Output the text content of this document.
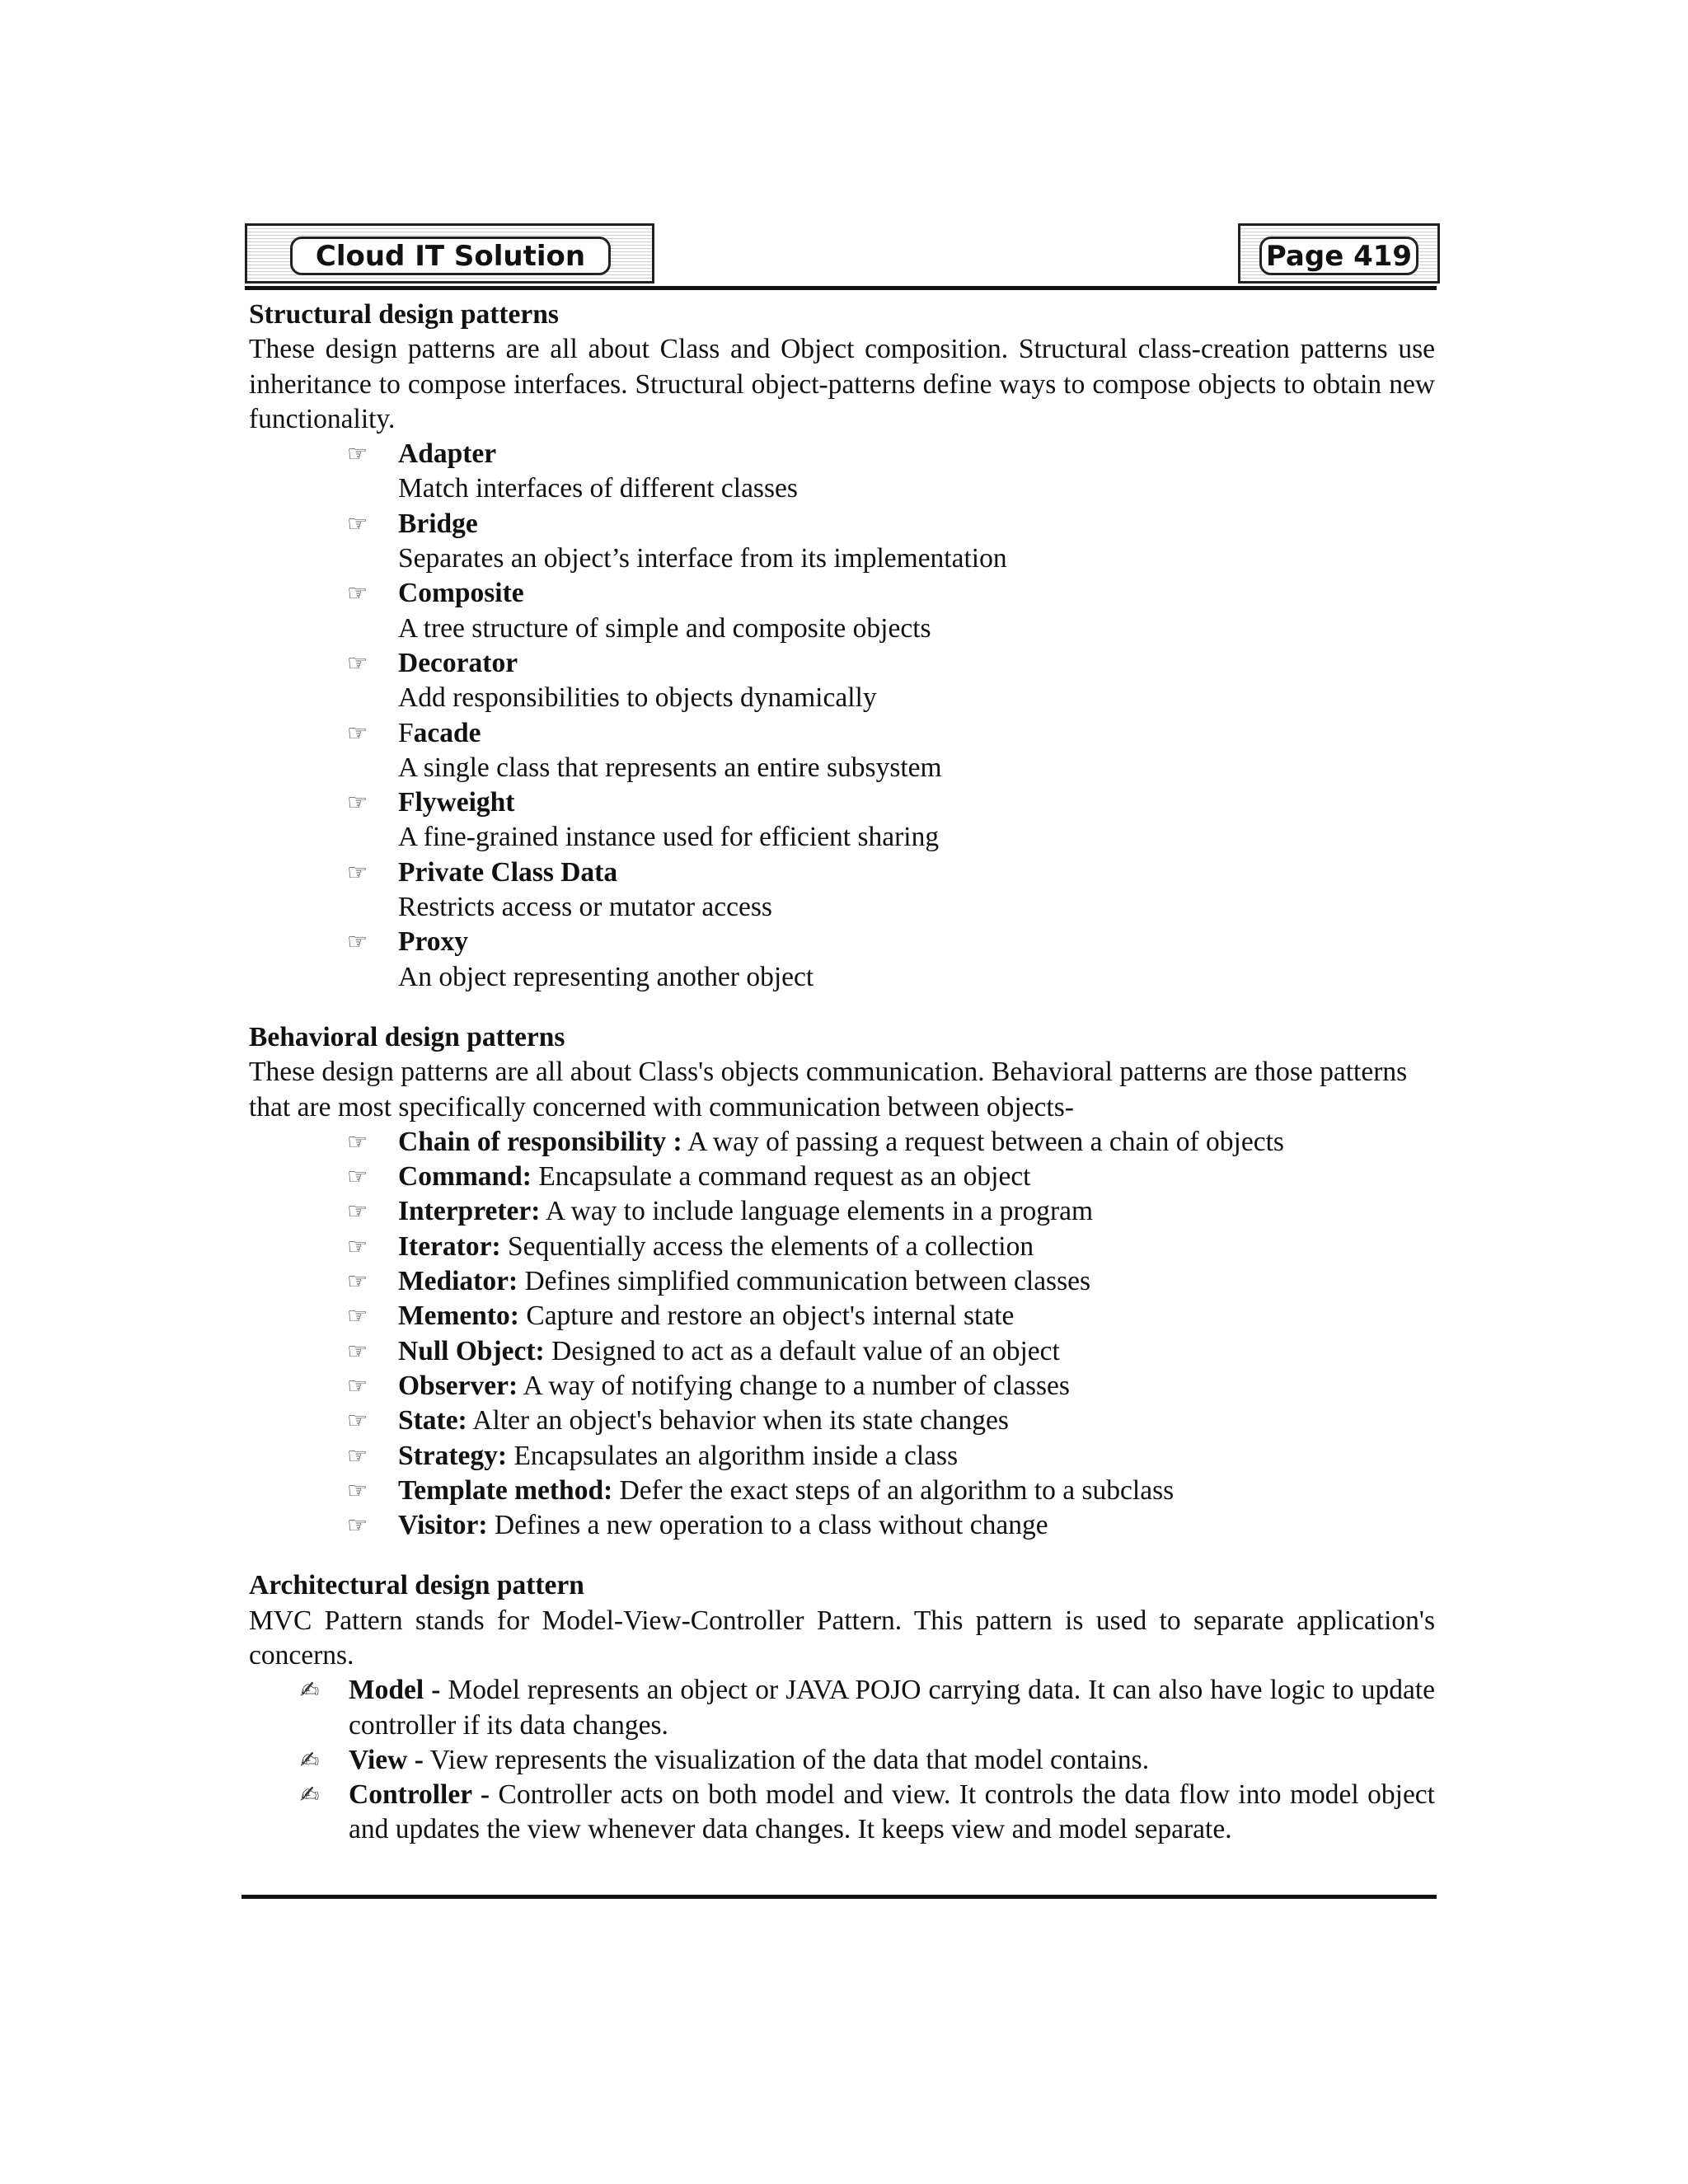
Cloud IT Solution	Page 419
Structural design patterns
These design patterns are all about Class and Object composition. Structural class-creation patterns use inheritance to compose interfaces. Structural object-patterns define ways to compose objects to obtain new functionality.
☞ Adapter
Match interfaces of different classes
☞ Bridge
Separates an object’s interface from its implementation
☞ Composite
A tree structure of simple and composite objects
☞ Decorator
Add responsibilities to objects dynamically
☞ Facade
A single class that represents an entire subsystem
☞ Flyweight
A fine-grained instance used for efficient sharing
☞ Private Class Data
Restricts access or mutator access
☞ Proxy
An object representing another object
Behavioral design patterns
These design patterns are all about Class's objects communication. Behavioral patterns are those patterns that are most specifically concerned with communication between objects-
☞ Chain of responsibility : A way of passing a request between a chain of objects
☞ Command: Encapsulate a command request as an object
☞ Interpreter: A way to include language elements in a program
☞ Iterator: Sequentially access the elements of a collection
☞ Mediator: Defines simplified communication between classes
☞ Memento: Capture and restore an object's internal state
☞ Null Object: Designed to act as a default value of an object
☞ Observer: A way of notifying change to a number of classes
☞ State: Alter an object's behavior when its state changes
☞ Strategy: Encapsulates an algorithm inside a class
☞ Template method: Defer the exact steps of an algorithm to a subclass
☞ Visitor: Defines a new operation to a class without change
Architectural design pattern
MVC Pattern stands for Model-View-Controller Pattern. This pattern is used to separate application's concerns.
✍ Model - Model represents an object or JAVA POJO carrying data. It can also have logic to update controller if its data changes.
✍ View - View represents the visualization of the data that model contains.
✍ Controller - Controller acts on both model and view. It controls the data flow into model object and updates the view whenever data changes. It keeps view and model separate.
